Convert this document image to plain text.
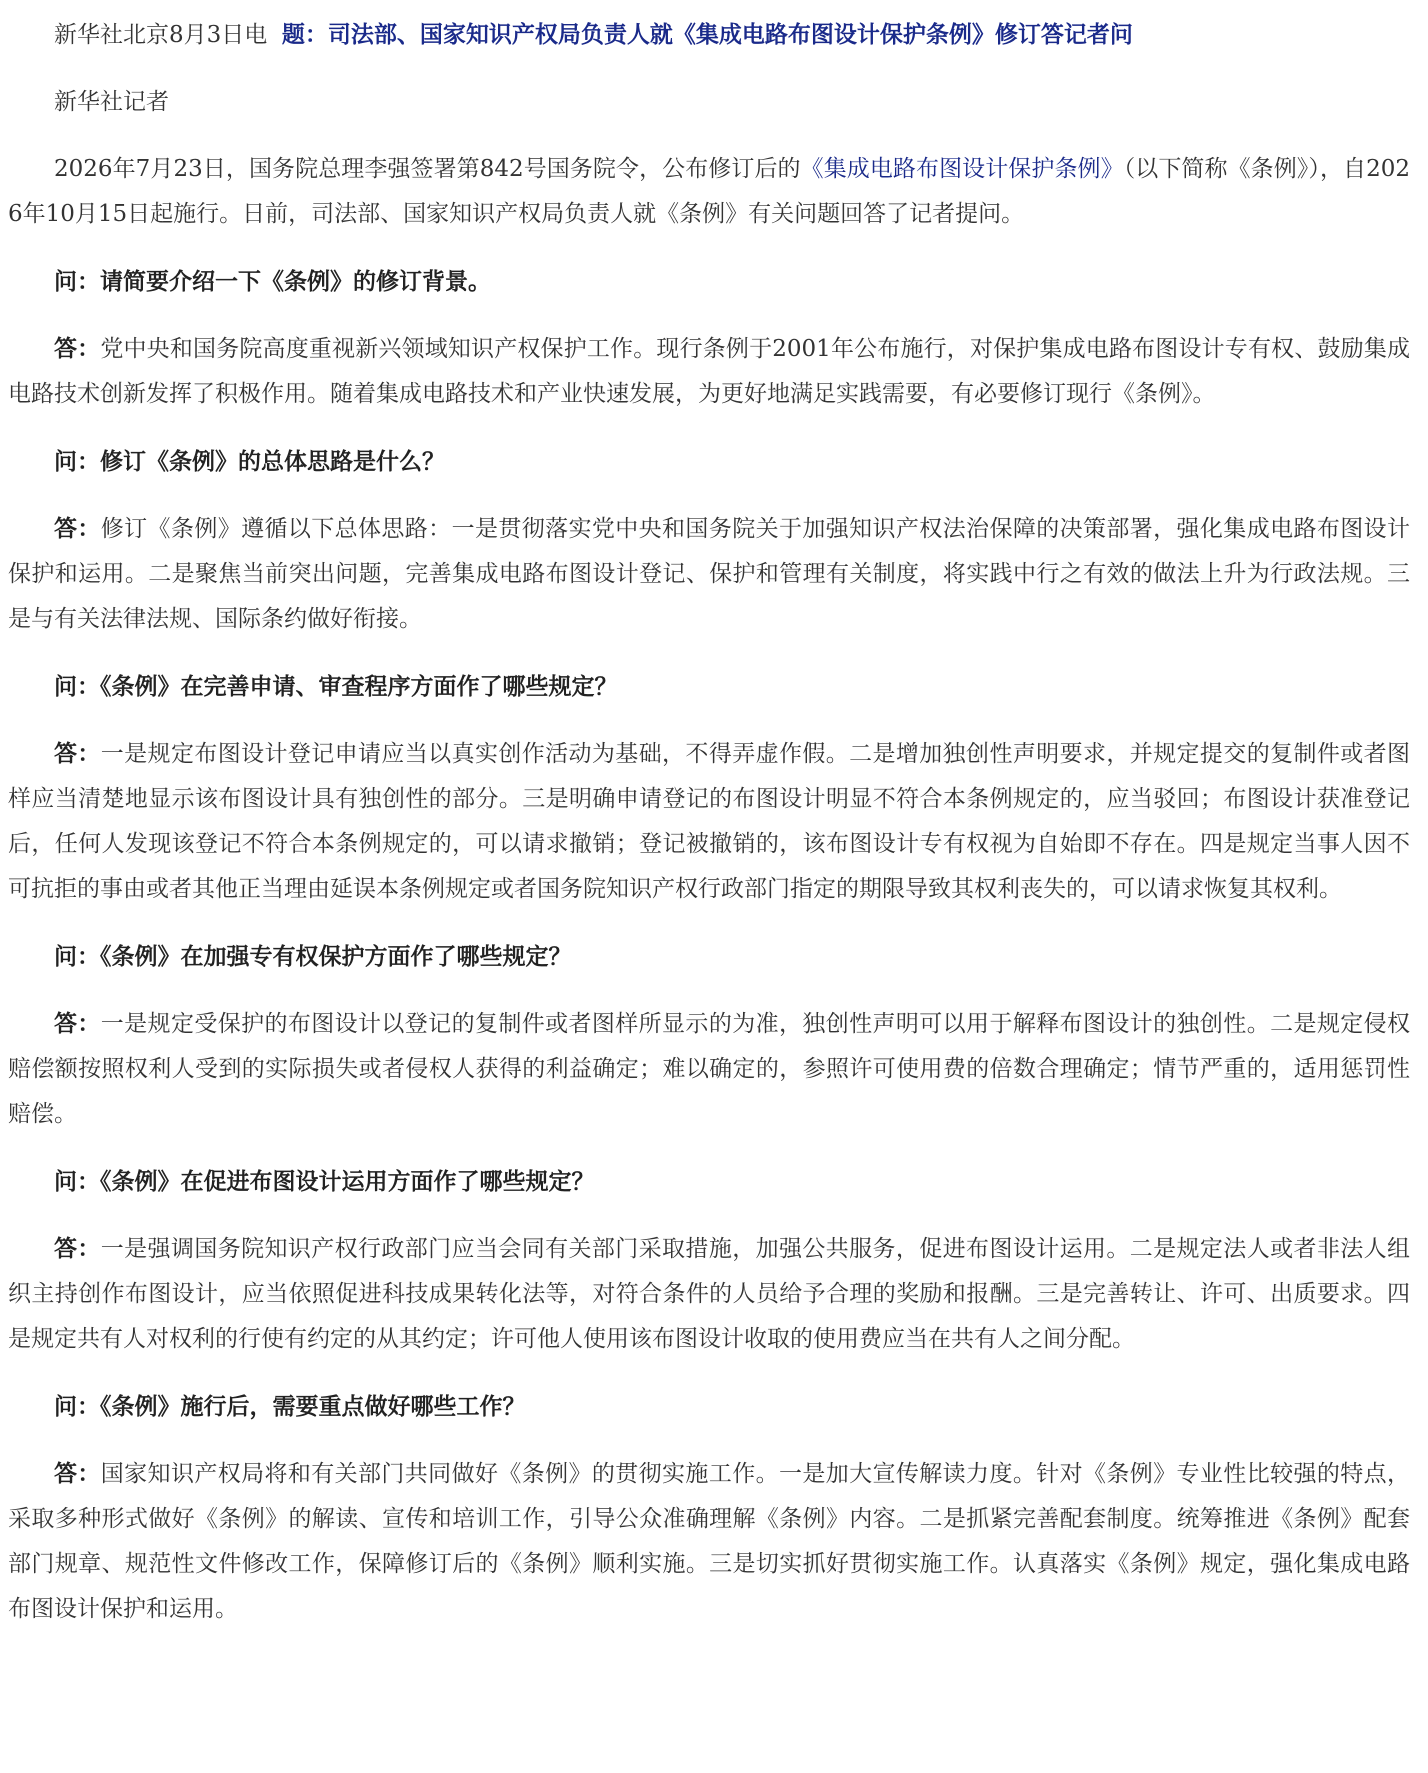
新华社北京8月3日电 题：司法部、国家知识产权局负责人就《集成电路布图设计保护条例》修订答记者问

新华社记者

2026年7月23日，国务院总理李强签署第842号国务院令，公布修订后的《集成电路布图设计保护条例》（以下简称《条例》），自2026年10月15日起施行。日前，司法部、国家知识产权局负责人就《条例》有关问题回答了记者提问。

问：请简要介绍一下《条例》的修订背景。

答：党中央和国务院高度重视新兴领域知识产权保护工作。现行条例于2001年公布施行，对保护集成电路布图设计专有权、鼓励集成电路技术创新发挥了积极作用。随着集成电路技术和产业快速发展，为更好地满足实践需要，有必要修订现行《条例》。

问：修订《条例》的总体思路是什么？

答：修订《条例》遵循以下总体思路：一是贯彻落实党中央和国务院关于加强知识产权法治保障的决策部署，强化集成电路布图设计保护和运用。二是聚焦当前突出问题，完善集成电路布图设计登记、保护和管理有关制度，将实践中行之有效的做法上升为行政法规。三是与有关法律法规、国际条约做好衔接。

问：《条例》在完善申请、审查程序方面作了哪些规定？

答：一是规定布图设计登记申请应当以真实创作活动为基础，不得弄虚作假。二是增加独创性声明要求，并规定提交的复制件或者图样应当清楚地显示该布图设计具有独创性的部分。三是明确申请登记的布图设计明显不符合本条例规定的，应当驳回；布图设计获准登记后，任何人发现该登记不符合本条例规定的，可以请求撤销；登记被撤销的，该布图设计专有权视为自始即不存在。四是规定当事人因不可抗拒的事由或者其他正当理由延误本条例规定或者国务院知识产权行政部门指定的期限导致其权利丧失的，可以请求恢复其权利。

问：《条例》在加强专有权保护方面作了哪些规定？

答：一是规定受保护的布图设计以登记的复制件或者图样所显示的为准，独创性声明可以用于解释布图设计的独创性。二是规定侵权赔偿额按照权利人受到的实际损失或者侵权人获得的利益确定；难以确定的，参照许可使用费的倍数合理确定；情节严重的，适用惩罚性赔偿。

问：《条例》在促进布图设计运用方面作了哪些规定？

答：一是强调国务院知识产权行政部门应当会同有关部门采取措施，加强公共服务，促进布图设计运用。二是规定法人或者非法人组织主持创作布图设计，应当依照促进科技成果转化法等，对符合条件的人员给予合理的奖励和报酬。三是完善转让、许可、出质要求。四是规定共有人对权利的行使有约定的从其约定；许可他人使用该布图设计收取的使用费应当在共有人之间分配。

问：《条例》施行后，需要重点做好哪些工作？

答：国家知识产权局将和有关部门共同做好《条例》的贯彻实施工作。一是加大宣传解读力度。针对《条例》专业性比较强的特点，采取多种形式做好《条例》的解读、宣传和培训工作，引导公众准确理解《条例》内容。二是抓紧完善配套制度。统筹推进《条例》配套部门规章、规范性文件修改工作，保障修订后的《条例》顺利实施。三是切实抓好贯彻实施工作。认真落实《条例》规定，强化集成电路布图设计保护和运用。
